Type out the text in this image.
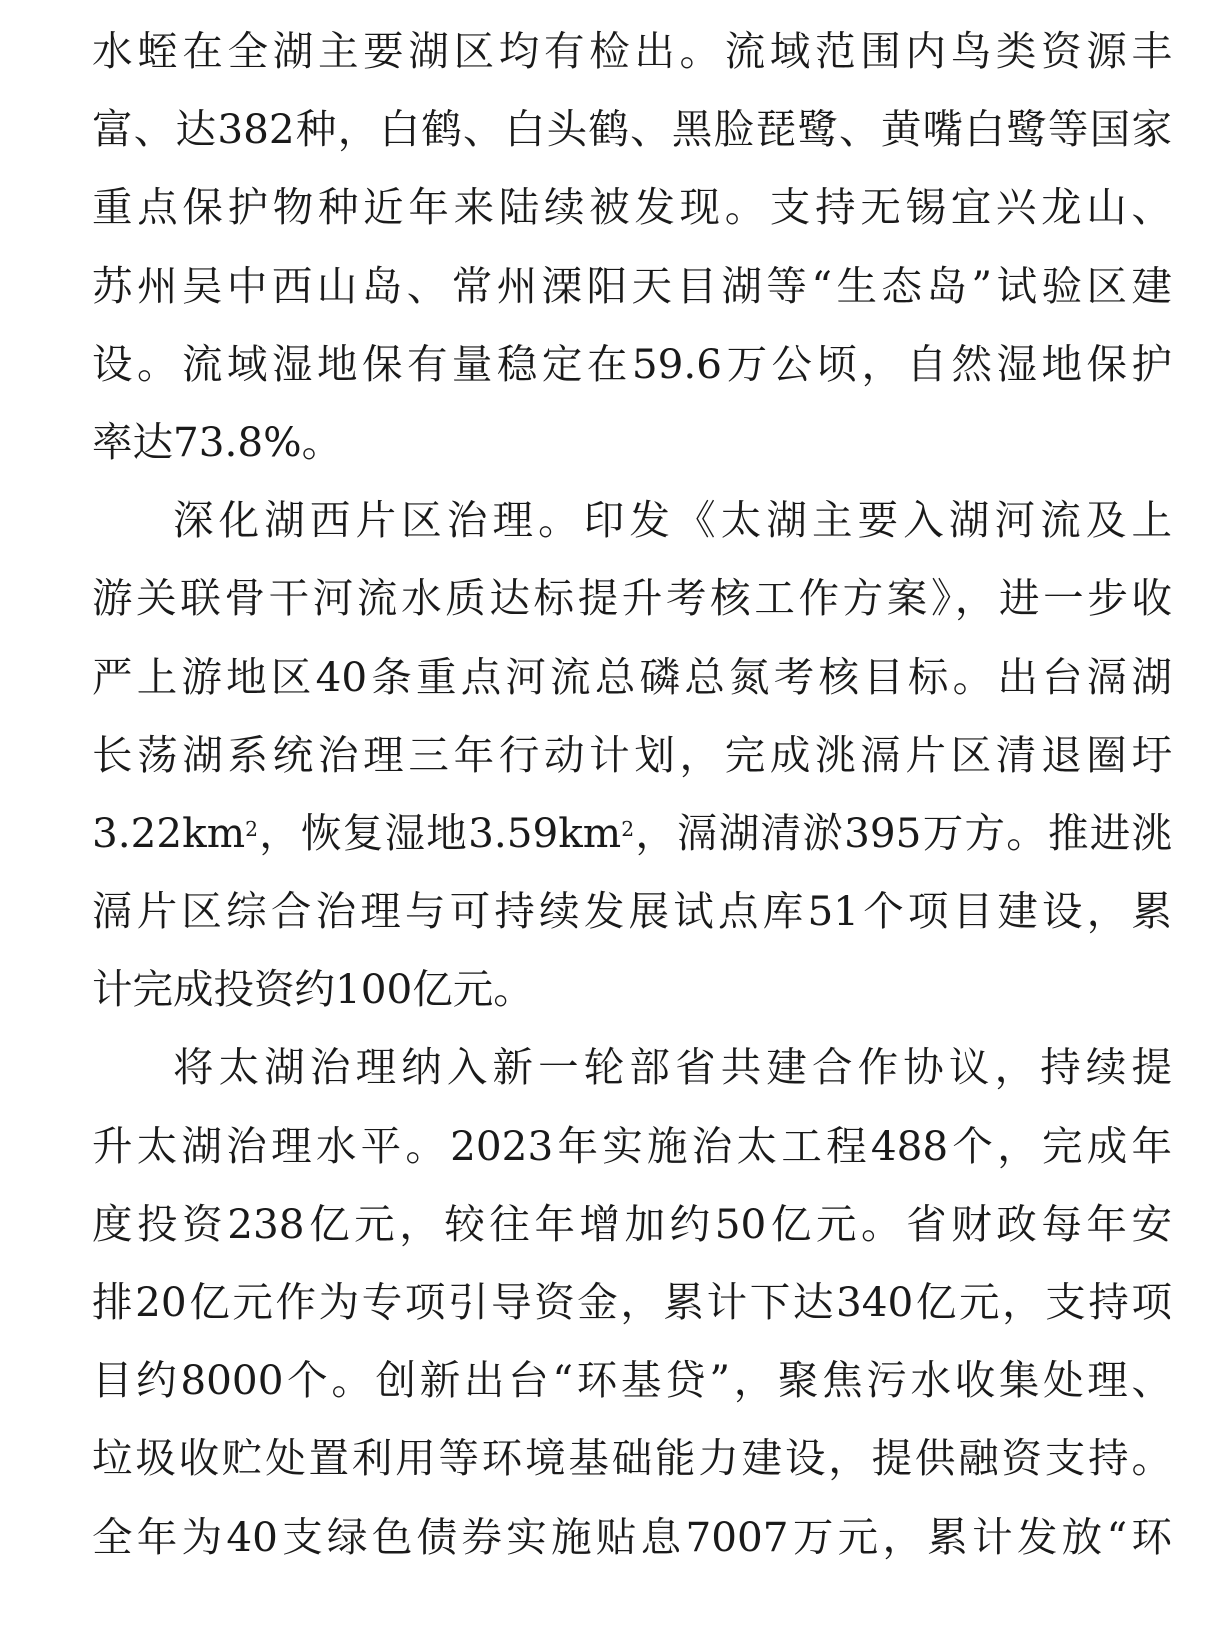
水蛭在全湖主要湖区均有检出。流域范围内鸟类资源丰
富、达382种，白鹤、白头鹤、黑脸琵鹭、黄嘴白鹭等国家
重点保护物种近年来陆续被发现。支持无锡宜兴龙山、
苏州吴中西山岛、常州溧阳天目湖等“生态岛”试验区建
设。流域湿地保有量稳定在59.6万公顷，自然湿地保护
率达73.8%。
深化湖西片区治理。印发《太湖主要入湖河流及上
游关联骨干河流水质达标提升考核工作方案》，进一步收
严上游地区40条重点河流总磷总氮考核目标。出台滆湖
长荡湖系统治理三年行动计划，完成洮滆片区清退圈圩
$3.22km^2$，恢复湿地$3.59km^2$，滆湖清淤395万方。推进洮
滆片区综合治理与可持续发展试点库51个项目建设，累
计完成投资约100亿元。
将太湖治理纳入新一轮部省共建合作协议，持续提
升太湖治理水平。2023年实施治太工程488个，完成年
度投资238亿元，较往年增加约50亿元。省财政每年安
排20亿元作为专项引导资金，累计下达340亿元，支持项
目约8000个。创新出台“环基贷”，聚焦污水收集处理、
垃圾收贮处置利用等环境基础能力建设，提供融资支持。
全年为40支绿色债券实施贴息7007万元，累计发放“环
